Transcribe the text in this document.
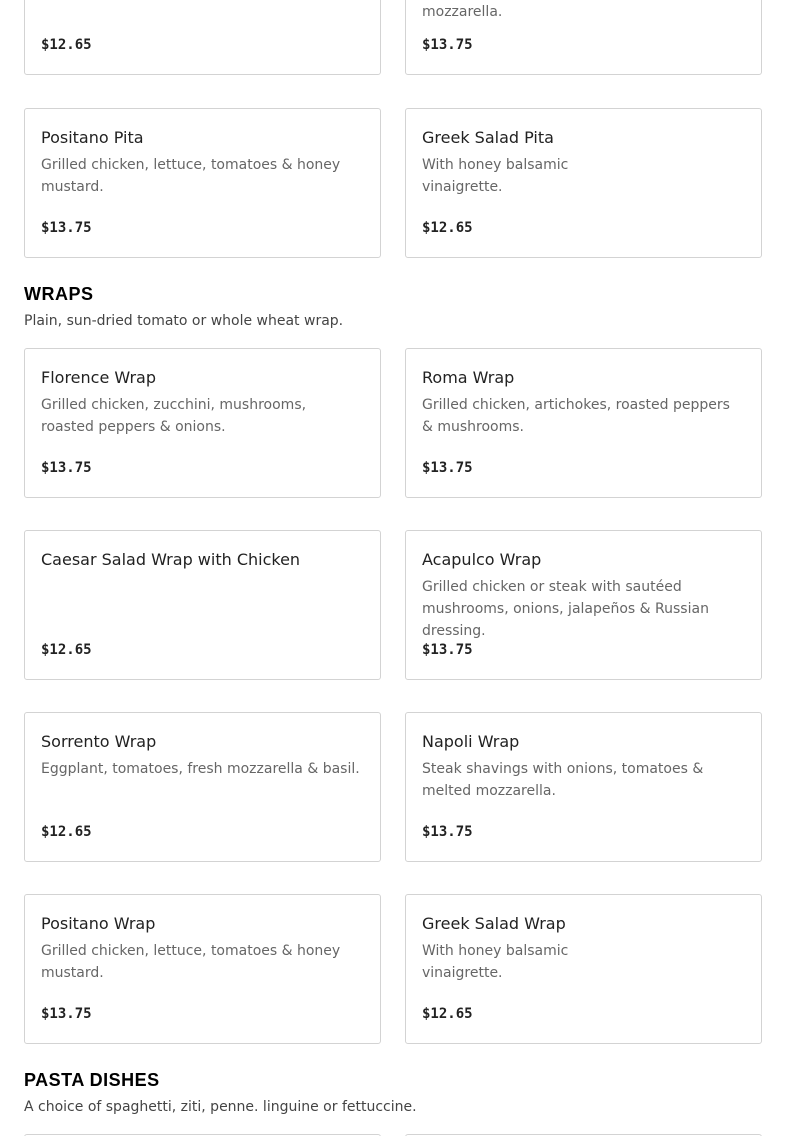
$12.65
mozzarella.
$13.75
Positano Pita
Grilled chicken, lettuce, tomatoes & honey mustard.
$13.75
Greek Salad Pita
With honey balsamic vinaigrette.
$12.65
WRAPS
Plain, sun-dried tomato or whole wheat wrap.
Florence Wrap
Grilled chicken, zucchini, mushrooms, roasted peppers & onions.
$13.75
Roma Wrap
Grilled chicken, artichokes, roasted peppers & mushrooms.
$13.75
Caesar Salad Wrap with Chicken
$12.65
Acapulco Wrap
Grilled chicken or steak with sautéed mushrooms, onions, jalapeños & Russian dressing.
$13.75
Sorrento Wrap
Eggplant, tomatoes, fresh mozzarella & basil.
$12.65
Napoli Wrap
Steak shavings with onions, tomatoes & melted mozzarella.
$13.75
Positano Wrap
Grilled chicken, lettuce, tomatoes & honey mustard.
$13.75
Greek Salad Wrap
With honey balsamic vinaigrette.
$12.65
PASTA DISHES
A choice of spaghetti, ziti, penne. linguine or fettuccine.
